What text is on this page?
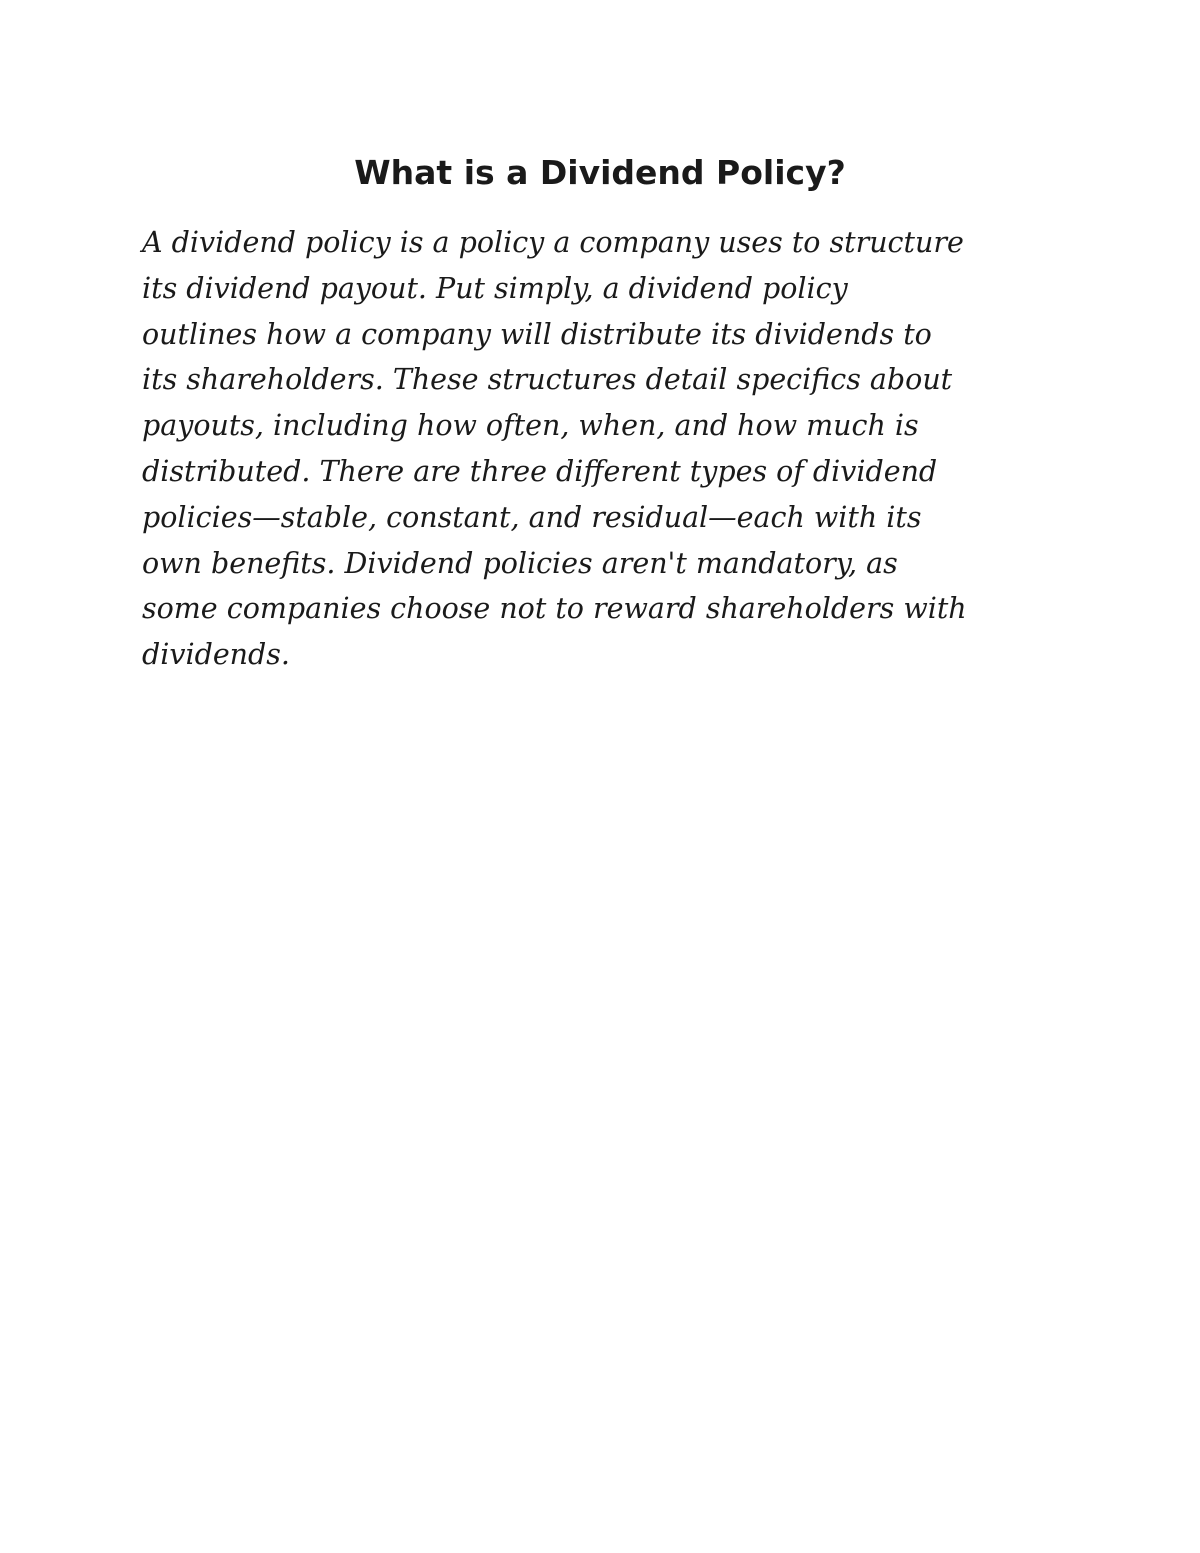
What is a Dividend Policy?

A dividend policy is a policy a company uses to structure
its dividend payout. Put simply, a dividend policy
outlines how a company will distribute its dividends to
its shareholders. These structures detail specifics about
payouts, including how often, when, and how much is
distributed. There are three different types of dividend
policies—stable, constant, and residual—each with its
own benefits. Dividend policies aren't mandatory, as
some companies choose not to reward shareholders with
dividends.
